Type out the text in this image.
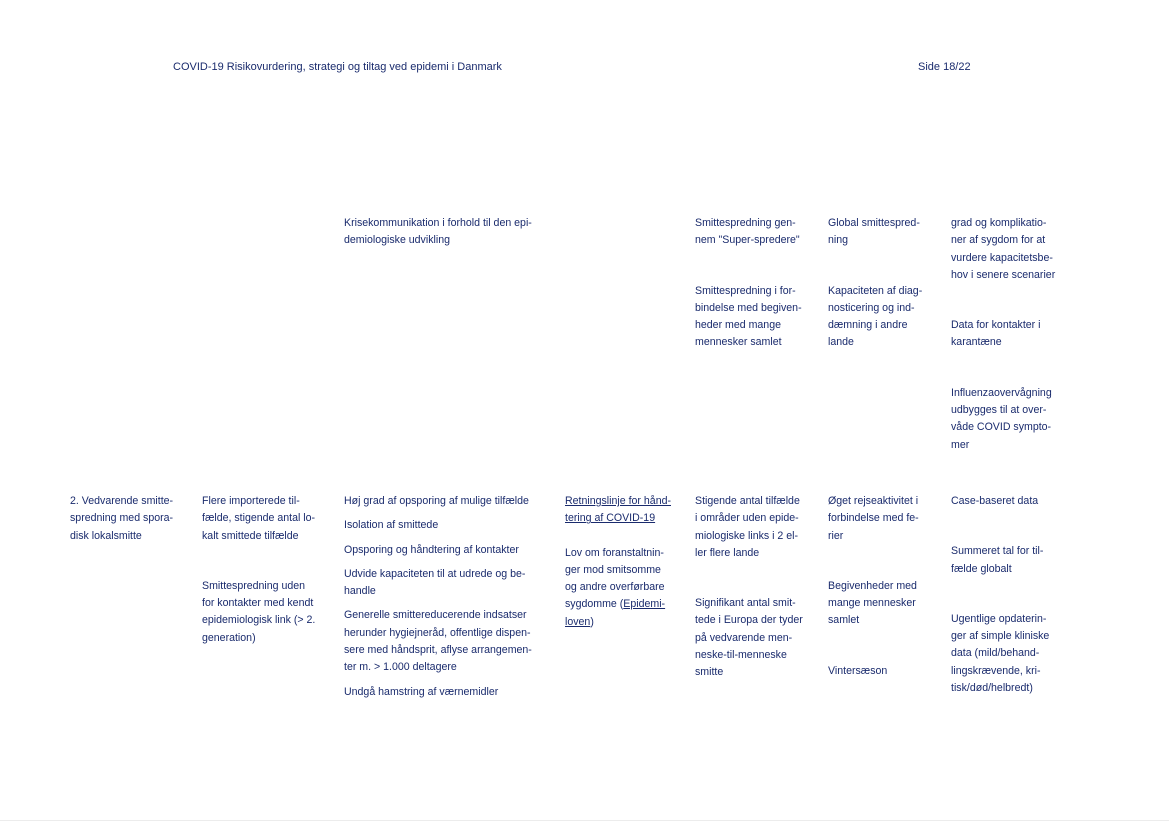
COVID-19 Risikovurdering, strategi og tiltag ved epidemi i Danmark	Side 18/22

Krisekommunikation i forhold til den epi-
demiologiske udvikling

Smittespredning gen-
nem "Super-spredere"

Smittespredning i for-
bindelse med begiven-
heder med mange
mennesker samlet

Global smittespred-
ning

Kapaciteten af diag-
nosticering og ind-
dæmning i andre
lande

grad og komplikatio-
ner af sygdom for at
vurdere kapacitetsbe-
hov i senere scenarier

Data for kontakter i
karantæne

Influenzaovervågning
udbygges til at over-
våde COVID sympto-
mer

2. Vedvarende smitte-
spredning med spora-
disk lokalsmitte

Flere importerede til-
fælde, stigende antal lo-
kalt smittede tilfælde

Smittespredning uden
for kontakter med kendt
epidemiologisk link (> 2.
generation)

Høj grad af opsporing af mulige tilfælde

Isolation af smittede

Opsporing og håndtering af kontakter

Udvide kapaciteten til at udrede og be-
handle

Generelle smittereducerende indsatser
herunder hygiejneråd, offentlige dispen-
sere med håndsprit, aflyse arrangemen-
ter m. > 1.000 deltagere

Undgå hamstring af værnemidler

Retningslinje for hånd-
tering af COVID-19

Lov om foranstaltnin-
ger mod smitsomme
og andre overførbare
sygdomme (Epidemi-
loven)

Stigende antal tilfælde
i områder uden epide-
miologiske links i 2 el-
ler flere lande

Signifikant antal smit-
tede i Europa der tyder
på vedvarende men-
neske-til-menneske
smitte

Øget rejseaktivitet i
forbindelse med fe-
rier

Begivenheder med
mange mennesker
samlet

Vintersæson

Case-baseret data

Summeret tal for til-
fælde globalt

Ugentlige opdaterin-
ger af simple kliniske
data (mild/behand-
lingskrævende, kri-
tisk/død/helbredt)
